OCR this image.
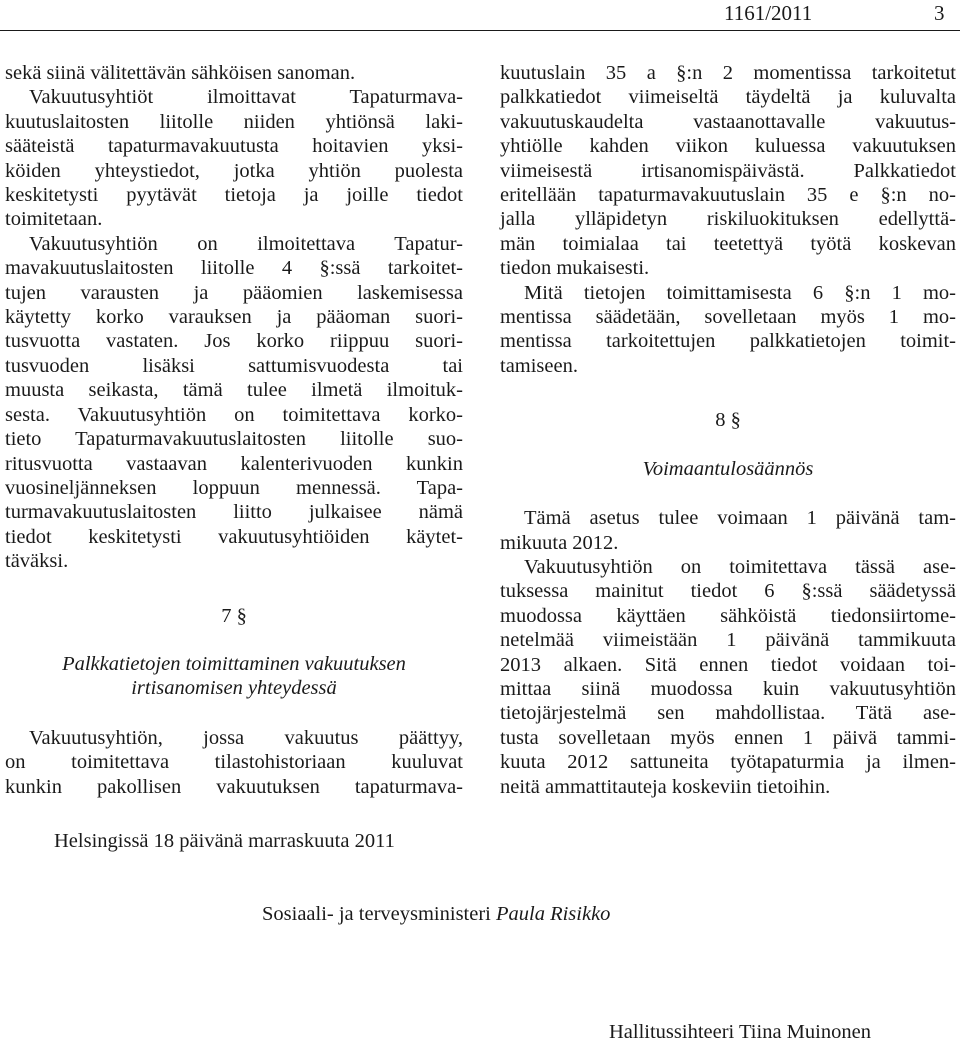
1161/2011	3
sekä siinä välitettävän sähköisen sanoman.
Vakuutusyhtiöt ilmoittavat Tapaturmava-
kuutuslaitosten liitolle niiden yhtiönsä laki-
sääteistä tapaturmavakuutusta hoitavien yksi-
köiden yhteystiedot, jotka yhtiön puolesta
keskitetysti pyytävät tietoja ja joille tiedot
toimitetaan.
Vakuutusyhtiön on ilmoitettava Tapatur-
mavakuutuslaitosten liitolle 4 §:ssä tarkoitet-
tujen varausten ja pääomien laskemisessa
käytetty korko varauksen ja pääoman suori-
tusvuotta vastaten. Jos korko riippuu suori-
tusvuoden lisäksi sattumisvuodesta tai
muusta seikasta, tämä tulee ilmetä ilmoituk-
sesta. Vakuutusyhtiön on toimitettava korko-
tieto Tapaturmavakuutuslaitosten liitolle suo-
ritusvuotta vastaavan kalenterivuoden kunkin
vuosineljänneksen loppuun mennessä. Tapa-
turmavakuutuslaitosten liitto julkaisee nämä
tiedot keskitetysti vakuutusyhtiöiden käytet-
täväksi.
7 §
Palkkatietojen toimittaminen vakuutuksen
irtisanomisen yhteydessä
Vakuutusyhtiön, jossa vakuutus päättyy,
on toimitettava tilastohistoriaan kuuluvat
kunkin pakollisen vakuutuksen tapaturmava-
kuutuslain 35 a §:n 2 momentissa tarkoitetut
palkkatiedot viimeiseltä täydeltä ja kuluvalta
vakuutuskaudelta vastaanottavalle vakuutus-
yhtiölle kahden viikon kuluessa vakuutuksen
viimeisestä irtisanomispäivästä. Palkkatiedot
eritellään tapaturmavakuutuslain 35 e §:n no-
jalla ylläpidetyn riskiluokituksen edellyttä-
män toimialaa tai teetettyä työtä koskevan
tiedon mukaisesti.
Mitä tietojen toimittamisesta 6 §:n 1 mo-
mentissa säädetään, sovelletaan myös 1 mo-
mentissa tarkoitettujen palkkatietojen toimit-
tamiseen.
8 §
Voimaantulosäännös
Tämä asetus tulee voimaan 1 päivänä tam-
mikuuta 2012.
Vakuutusyhtiön on toimitettava tässä ase-
tuksessa mainitut tiedot 6 §:ssä säädetyssä
muodossa käyttäen sähköistä tiedonsiirtome-
netelmää viimeistään 1 päivänä tammikuuta
2013 alkaen. Sitä ennen tiedot voidaan toi-
mittaa siinä muodossa kuin vakuutusyhtiön
tietojärjestelmä sen mahdollistaa. Tätä ase-
tusta sovelletaan myös ennen 1 päivä tammi-
kuuta 2012 sattuneita työtapaturmia ja ilmen-
neitä ammattitauteja koskeviin tietoihin.
Helsingissä 18 päivänä marraskuuta 2011
Sosiaali- ja terveysministeri Paula Risikko
Hallitussihteeri Tiina Muinonen
